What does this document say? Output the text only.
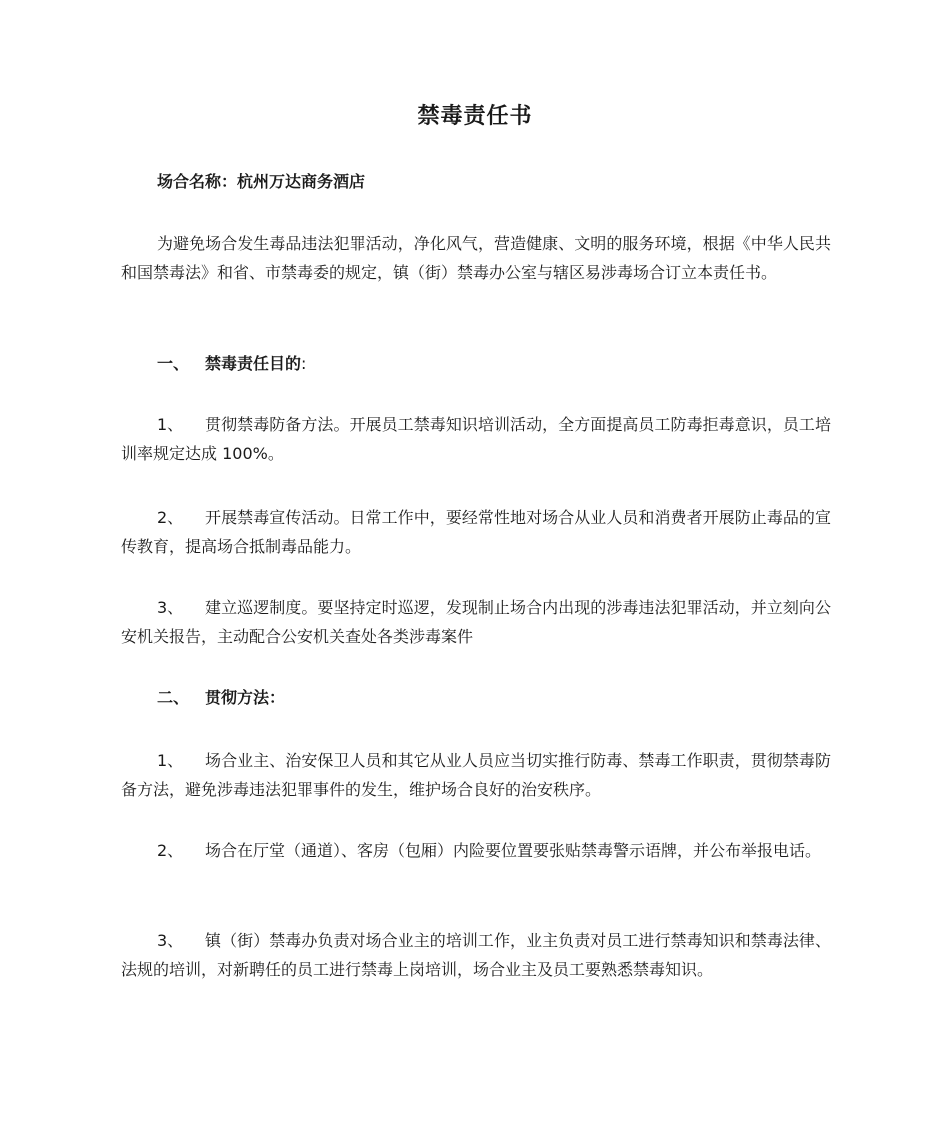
禁毒责任书
场合名称：杭州万达商务酒店
为避免场合发生毒品违法犯罪活动，净化风气，营造健康、文明的服务环境，根据《中华人民共和国禁毒法》和省、市禁毒委的规定，镇（街）禁毒办公室与辖区易涉毒场合订立本责任书。
一、 禁毒责任目的:
1、 贯彻禁毒防备方法。开展员工禁毒知识培训活动，全方面提高员工防毒拒毒意识，员工培训率规定达成 100%。
2、 开展禁毒宣传活动。日常工作中，要经常性地对场合从业人员和消费者开展防止毒品的宣传教育，提高场合抵制毒品能力。
3、 建立巡逻制度。要坚持定时巡逻，发现制止场合内出现的涉毒违法犯罪活动，并立刻向公安机关报告，主动配合公安机关查处各类涉毒案件
二、 贯彻方法：
1、 场合业主、治安保卫人员和其它从业人员应当切实推行防毒、禁毒工作职责，贯彻禁毒防备方法，避免涉毒违法犯罪事件的发生，维护场合良好的治安秩序。
2、 场合在厅堂（通道）、客房（包厢）内险要位置要张贴禁毒警示语牌，并公布举报电话。
3、 镇（街）禁毒办负责对场合业主的培训工作，业主负责对员工进行禁毒知识和禁毒法律、法规的培训，对新聘任的员工进行禁毒上岗培训，场合业主及员工要熟悉禁毒知识。
